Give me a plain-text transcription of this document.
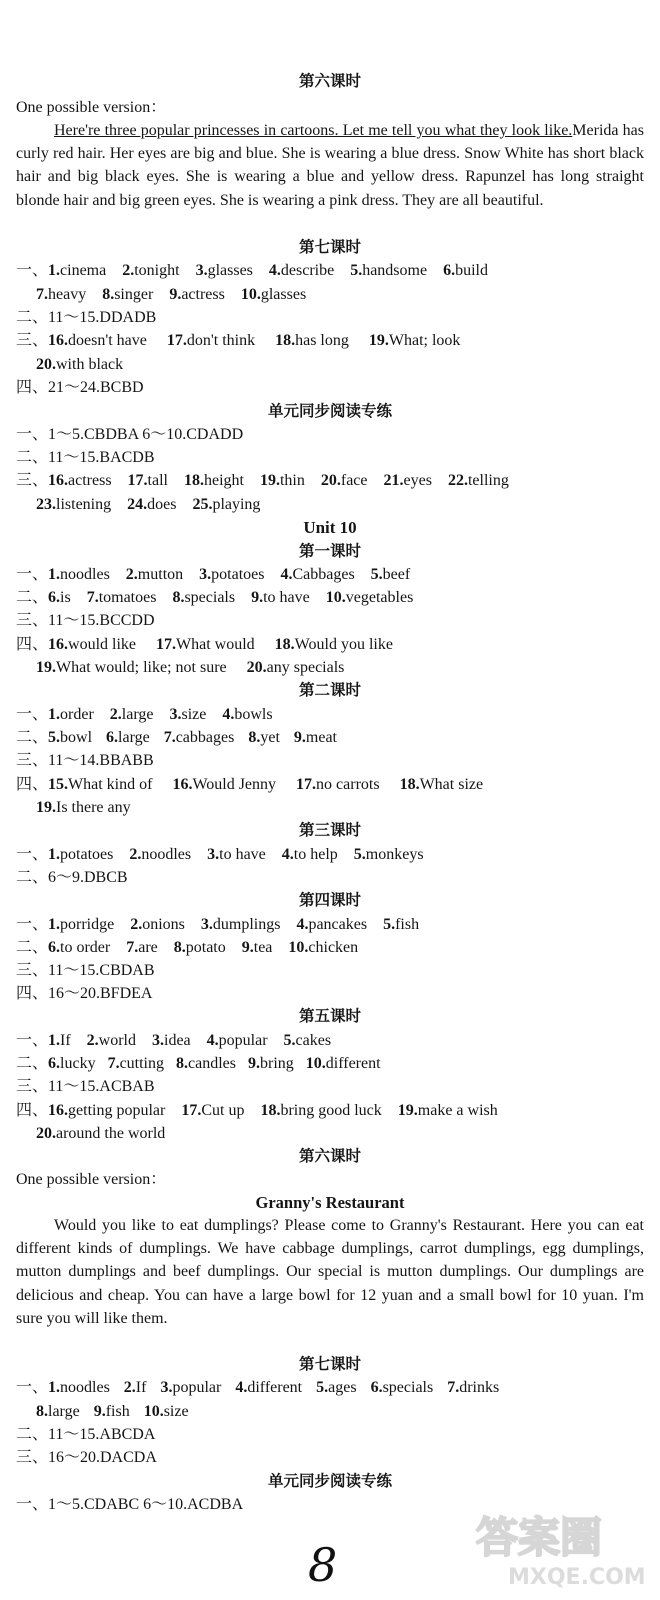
第六课时
One possible version：
Here're three popular princesses in cartoons. Let me tell you what they look like.Merida has curly red hair. Her eyes are big and blue. She is wearing a blue dress. Snow White has short black hair and big black eyes. She is wearing a blue and yellow dress. Rapunzel has long straight blonde hair and big green eyes. She is wearing a pink dress. They are all beautiful.
第七课时
一、1.cinema 2.tonight 3.glasses 4.describe 5.handsome 6.build
7.heavy 8.singer 9.actress 10.glasses
二、11～15.DDADB
三、16.doesn't have 17.don't think 18.has long 19.What; look
20.with black
四、21～24.BCBD
单元同步阅读专练
一、1～5.CBDBA 6～10.CDADD
二、11～15.BACDB
三、16.actress 17.tall 18.height 19.thin 20.face 21.eyes 22.telling
23.listening 24.does 25.playing
Unit 10
第一课时
一、1.noodles 2.mutton 3.potatoes 4.Cabbages 5.beef
二、6.is 7.tomatoes 8.specials 9.to have 10.vegetables
三、11～15.BCCDD
四、16.would like 17.What would 18.Would you like
19.What would; like; not sure 20.any specials
第二课时
一、1.order 2.large 3.size 4.bowls
二、5.bowl 6.large 7.cabbages 8.yet 9.meat
三、11～14.BBABB
四、15.What kind of 16.Would Jenny 17.no carrots 18.What size
19.Is there any
第三课时
一、1.potatoes 2.noodles 3.to have 4.to help 5.monkeys
二、6～9.DBCB
第四课时
一、1.porridge 2.onions 3.dumplings 4.pancakes 5.fish
二、6.to order 7.are 8.potato 9.tea 10.chicken
三、11～15.CBDAB
四、16～20.BFDEA
第五课时
一、1.If 2.world 3.idea 4.popular 5.cakes
二、6.lucky 7.cutting 8.candles 9.bring 10.different
三、11～15.ACBAB
四、16.getting popular 17.Cut up 18.bring good luck 19.make a wish
20.around the world
第六课时
One possible version：
Granny's Restaurant
Would you like to eat dumplings? Please come to Granny's Restaurant. Here you can eat different kinds of dumplings. We have cabbage dumplings, carrot dumplings, egg dumplings, mutton dumplings and beef dumplings. Our special is mutton dumplings. Our dumplings are delicious and cheap. You can have a large bowl for 12 yuan and a small bowl for 10 yuan. I'm sure you will like them.
第七课时
一、1.noodles 2.If 3.popular 4.different 5.ages 6.specials 7.drinks
8.large 9.fish 10.size
二、11～15.ABCDA
三、16～20.DACDA
单元同步阅读专练
一、1～5.CDABC 6～10.ACDBA
8
答案圈
MXQE.COM
